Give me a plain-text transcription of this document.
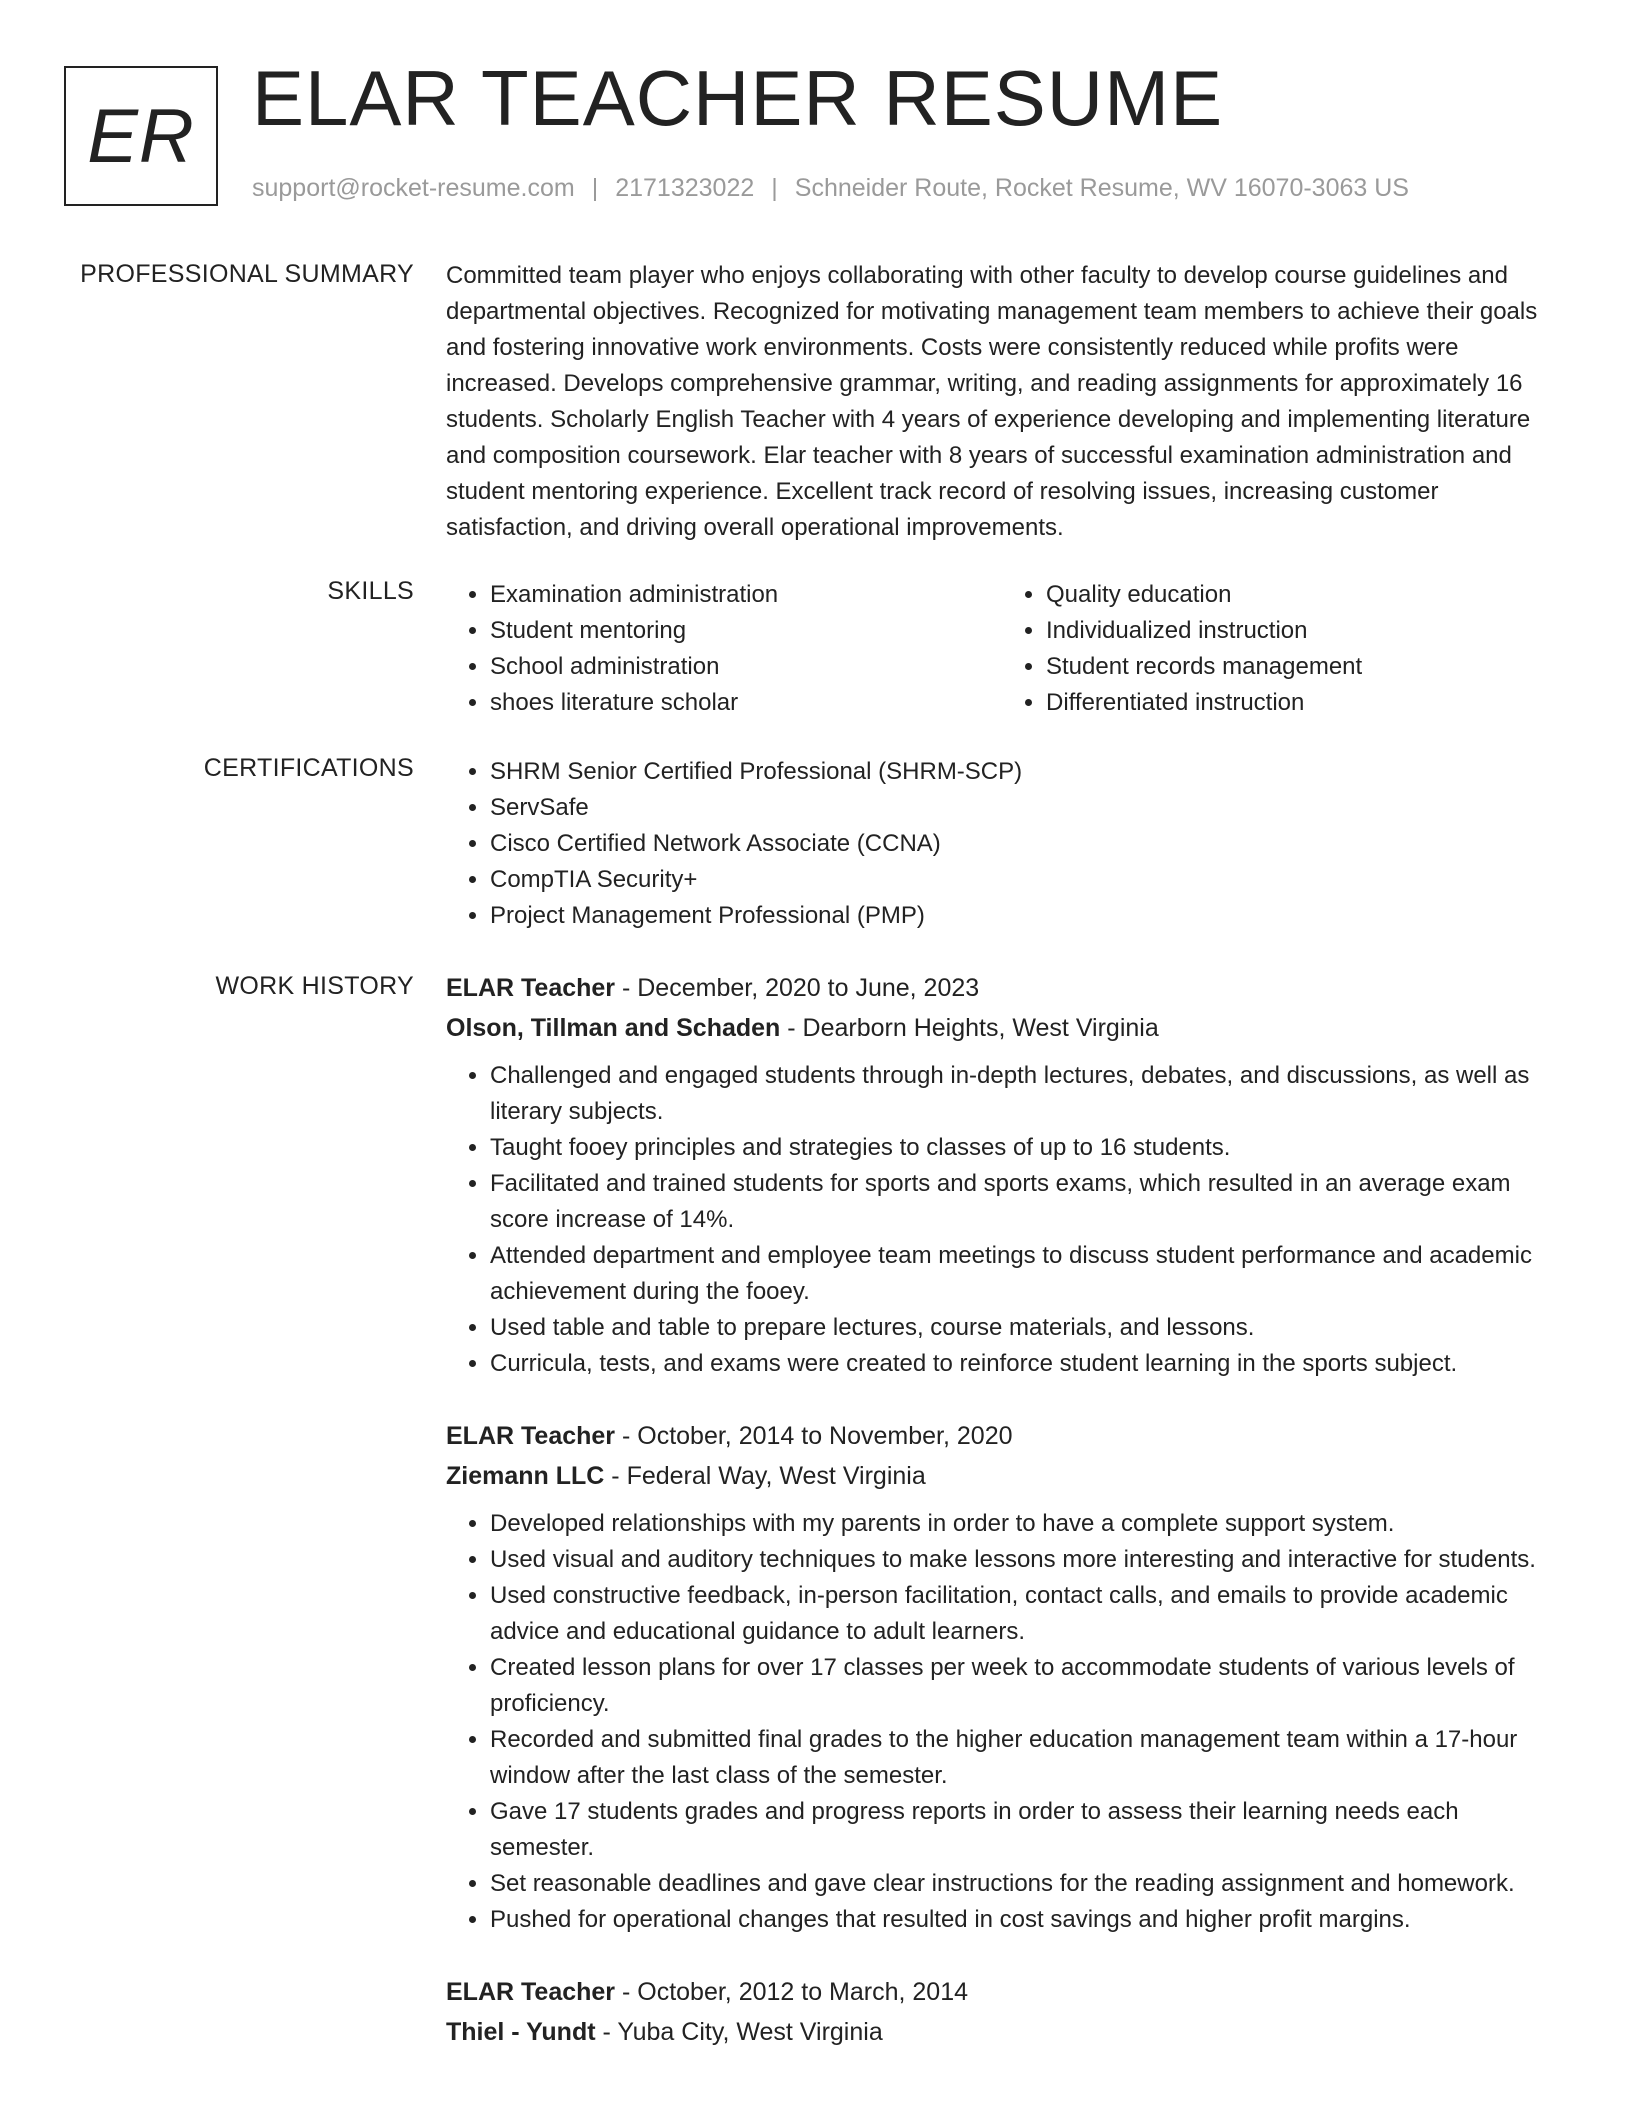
ER ELAR TEACHER RESUME
support@rocket-resume.com | 2171323022 | Schneider Route, Rocket Resume, WV 16070-3063 US
PROFESSIONAL SUMMARY Committed team player who enjoys collaborating with other faculty to develop course guidelines and departmental objectives. Recognized for motivating management team members to achieve their goals and fostering innovative work environments. Costs were consistently reduced while profits were increased. Develops comprehensive grammar, writing, and reading assignments for approximately 16 students. Scholarly English Teacher with 4 years of experience developing and implementing literature and composition coursework. Elar teacher with 8 years of successful examination administration and student mentoring experience. Excellent track record of resolving issues, increasing customer satisfaction, and driving overall operational improvements.

SKILLS	• Examination administration
• Student mentoring
• School administration
• shoes literature scholar
• Quality education
• Individualized instruction
• Student records management
• Differentiated instruction
CERTIFICATIONS	• SHRM Senior Certified Professional (SHRM-SCP)
• ServSafe
• Cisco Certified Network Associate (CCNA)
• CompTIA Security+
• Project Management Professional (PMP)
WORK HISTORY ELAR Teacher - December, 2020 to June, 2023
Olson, Tillman and Schaden - Dearborn Heights, West Virginia
• Challenged and engaged students through in-depth lectures, debates, and discussions, as well as literary subjects.
• Taught fooey principles and strategies to classes of up to 16 students.
• Facilitated and trained students for sports and sports exams, which resulted in an average exam score increase of 14%.
• Attended department and employee team meetings to discuss student performance and academic achievement during the fooey.
• Used table and table to prepare lectures, course materials, and lessons.
• Curricula, tests, and exams were created to reinforce student learning in the sports subject.
ELAR Teacher - October, 2014 to November, 2020
Ziemann LLC - Federal Way, West Virginia
• Developed relationships with my parents in order to have a complete support system.
• Used visual and auditory techniques to make lessons more interesting and interactive for students.
• Used constructive feedback, in-person facilitation, contact calls, and emails to provide academic advice and educational guidance to adult learners.
• Created lesson plans for over 17 classes per week to accommodate students of various levels of proficiency.
• Recorded and submitted final grades to the higher education management team within a 17-hour window after the last class of the semester.
• Gave 17 students grades and progress reports in order to assess their learning needs each semester.
• Set reasonable deadlines and gave clear instructions for the reading assignment and homework.
• Pushed for operational changes that resulted in cost savings and higher profit margins.
ELAR Teacher - October, 2012 to March, 2014
Thiel - Yundt - Yuba City, West Virginia
